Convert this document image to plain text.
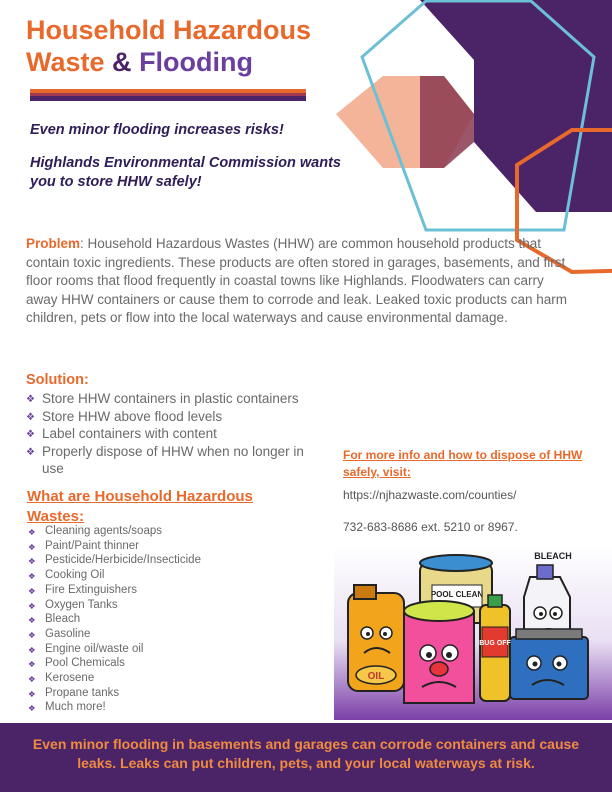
Household Hazardous
Waste & Flooding
Even minor flooding increases risks!
Highlands Environmental Commission wants you to store HHW safely!
Problem: Household Hazardous Wastes (HHW) are common household products that contain toxic ingredients. These products are often stored in garages, basements, and first floor rooms that flood frequently in coastal towns like Highlands. Floodwaters can carry away HHW containers or cause them to corrode and leak. Leaked toxic products can harm children, pets or flow into the local waterways and cause environmental damage.
Solution:
❖ Store HHW containers in plastic containers
❖ Store HHW above flood levels
❖ Label containers with content
❖ Properly dispose of HHW when no longer in use
What are Household Hazardous Wastes:
❖ Cleaning agents/soaps
❖ Paint/Paint thinner
❖ Pesticide/Herbicide/Insecticide
❖ Cooking Oil
❖ Fire Extinguishers
❖ Oxygen Tanks
❖ Bleach
❖ Gasoline
❖ Engine oil/waste oil
❖ Pool Chemicals
❖ Kerosene
❖ Propane tanks
❖ Much more!
For more info and how to dispose of HHW safely, visit:
https://njhazwaste.com/counties/
732-683-8686 ext. 5210 or 8967.
BLEACH
POOL CLEAN
BUG OFF
OIL
Even minor flooding in basements and garages can corrode containers and cause leaks. Leaks can put children, pets, and your local waterways at risk.
